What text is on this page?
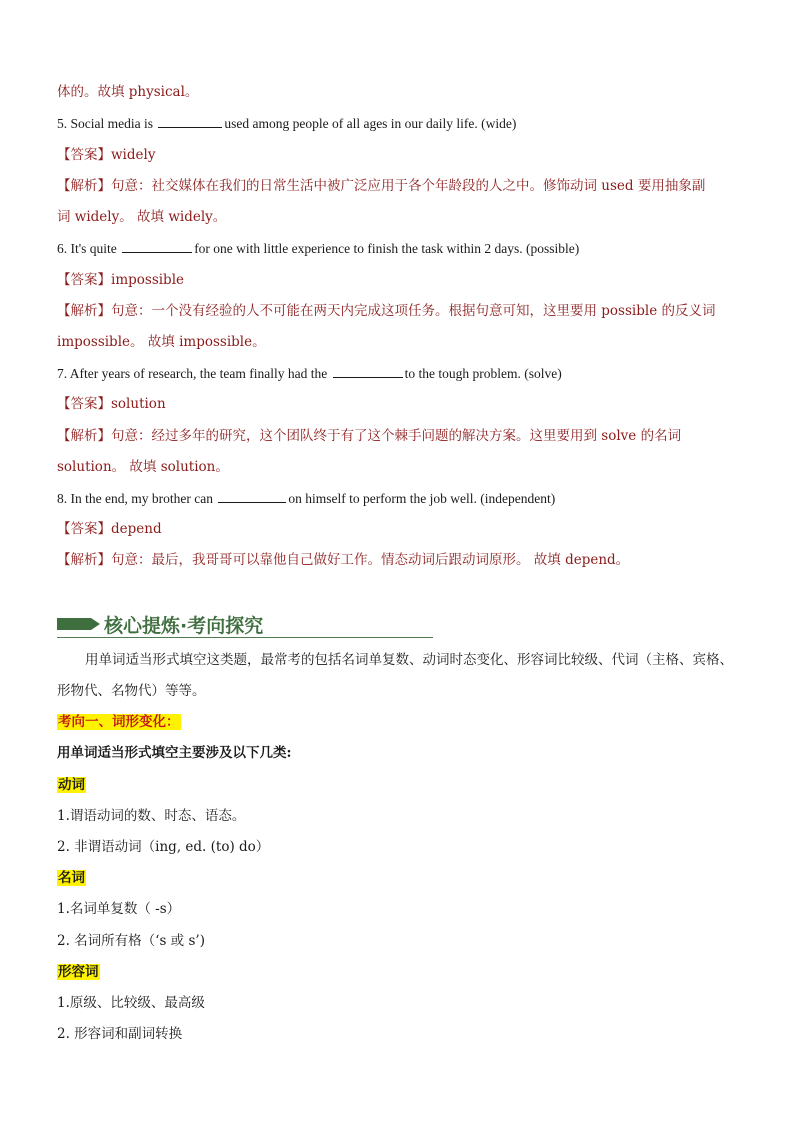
体的。故填 physical。
5. Social media is	used among people of all ages in our daily life. (wide)
【答案】widely
【解析】句意：社交媒体在我们的日常生活中被广泛应用于各个年龄段的人之中。修饰动词 used 要用抽象副
词 widely。 故填 widely。
6. It's quite	for one with little experience to finish the task within 2 days. (possible)
【答案】impossible
【解析】句意：一个没有经验的人不可能在两天内完成这项任务。根据句意可知，这里要用 possible 的反义词
impossible。 故填 impossible。
7. After years of research, the team finally had the	to the tough problem. (solve)
【答案】solution
【解析】句意：经过多年的研究，这个团队终于有了这个棘手问题的解决方案。这里要用到 solve 的名词
solution。 故填 solution。
8. In the end, my brother can	on himself to perform the job well. (independent)
【答案】depend
【解析】句意：最后，我哥哥可以靠他自己做好工作。情态动词后跟动词原形。 故填 depend。
核心提炼·考向探究
用单词适当形式填空这类题，最常考的包括名词单复数、动词时态变化、形容词比较级、代词（主格、宾格、
形物代、名物代）等等。
考向一、词形变化：
用单词适当形式填空主要涉及以下几类:
动词
1.谓语动词的数、时态、语态。
2. 非谓语动词（ing, ed. (to) do）
名词
1.名词单复数（ -s）
2. 名词所有格（‘s 或 s’)
形容词
1.原级、比较级、最高级
2. 形容词和副词转换
